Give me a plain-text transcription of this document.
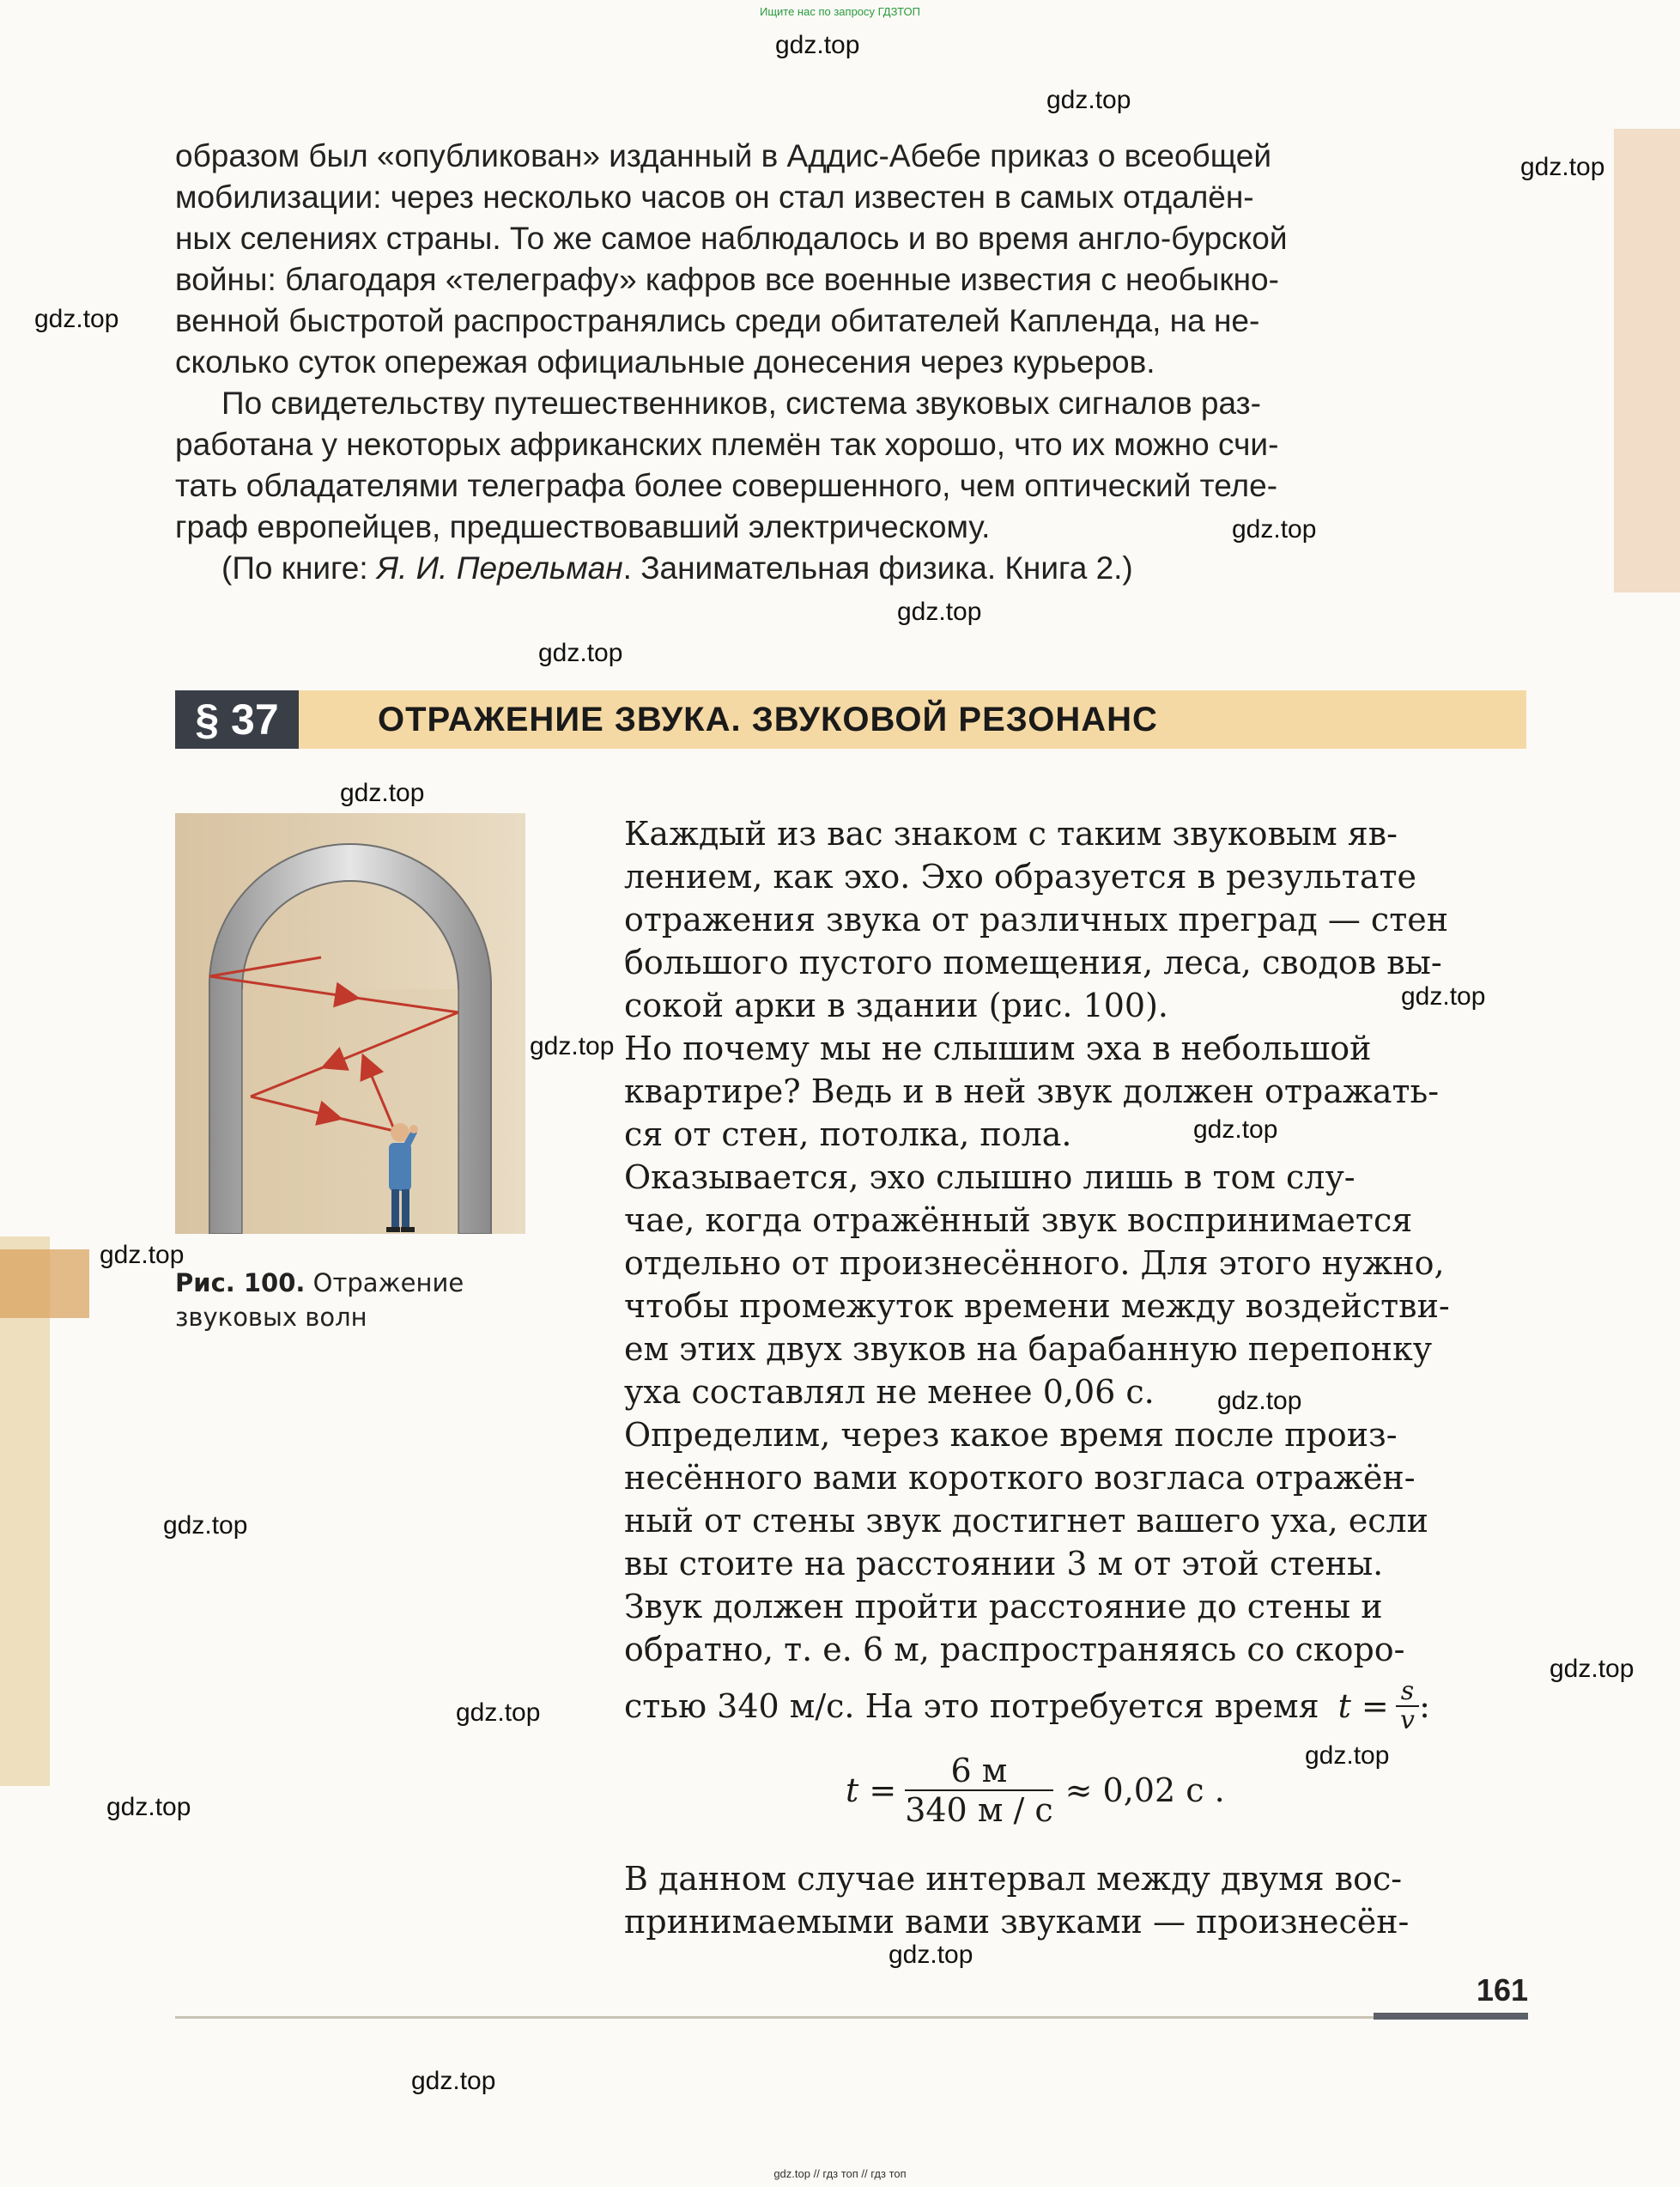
Ищите нас по запросу ГДЗТОП
образом был «опубликован» изданный в Аддис-Абебе приказ о всеобщей
мобилизации: через несколько часов он стал известен в самых отдалён-
ных селениях страны. То же самое наблюдалось и во время англо-бурской
войны: благодаря «телеграфу» кафров все военные известия с необыкно-
венной быстротой распространялись среди обитателей Капленда, на не-
сколько суток опережая официальные донесения через курьеров.
По свидетельству путешественников, система звуковых сигналов раз-
работана у некоторых африканских племён так хорошо, что их можно счи-
тать обладателями телеграфа более совершенного, чем оптический теле-
граф европейцев, предшествовавший электрическому.
(По книге: Я. И. Перельман. Занимательная физика. Книга 2.)
§ 37	ОТРАЖЕНИЕ ЗВУКА. ЗВУКОВОЙ РЕЗОНАНС
Рис. 100. Отражение
звуковых волн
Каждый из вас знаком с таким звуковым яв-
лением, как эхо. Эхо образуется в результате
отражения звука от различных преград — стен
большого пустого помещения, леса, сводов вы-
сокой арки в здании (рис. 100).
Но почему мы не слышим эха в небольшой
квартире? Ведь и в ней звук должен отражать-
ся от стен, потолка, пола.
Оказывается, эхо слышно лишь в том слу-
чае, когда отражённый звук воспринимается
отдельно от произнесённого. Для этого нужно,
чтобы промежуток времени между воздействи-
ем этих двух звуков на барабанную перепонку
уха составлял не менее 0,06 с.
Определим, через какое время после произ-
несённого вами короткого возгласа отражён-
ный от стены звук достигнет вашего уха, если
вы стоите на расстоянии 3 м от этой стены.
Звук должен пройти расстояние до стены и
обратно, т. е. 6 м, распространяясь со скоро-
стью 340 м/с. На это потребуется время $t = \frac{s}{v}$ :
$t = \frac{6 м}{340 м / с} \approx 0,02$ с .
В данном случае интервал между двумя вос-
принимаемыми вами звуками — произнесён-
161
gdz.top
gdz.top
gdz.top
gdz.top
gdz.top
gdz.top
gdz.top
gdz.top
gdz.top
gdz.top
gdz.top
gdz.top
gdz.top
gdz.top
gdz.top
gdz.top
gdz.top
gdz.top
gdz.top
gdz.top
gdz.top // гдз топ // гдз топ
